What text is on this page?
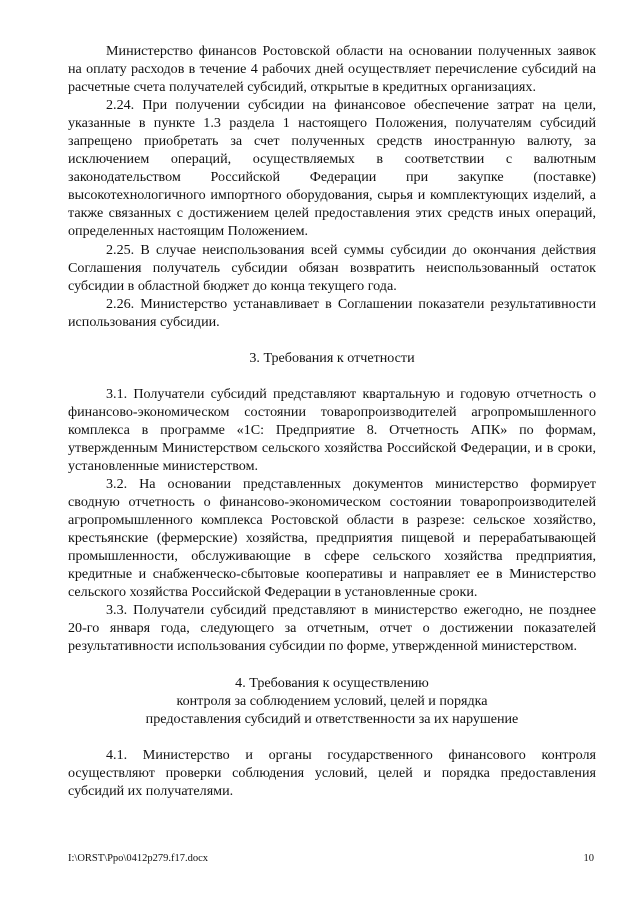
Министерство финансов Ростовской области на основании полученных заявок на оплату расходов в течение 4 рабочих дней осуществляет перечисление субсидий на расчетные счета получателей субсидий, открытые в кредитных организациях.

2.24. При получении субсидии на финансовое обеспечение затрат на цели, указанные в пункте 1.3 раздела 1 настоящего Положения, получателям субсидий запрещено приобретать за счет полученных средств иностранную валюту, за исключением операций, осуществляемых в соответствии с валютным законодательством Российской Федерации при закупке (поставке) высокотехнологичного импортного оборудования, сырья и комплектующих изделий, а также связанных с достижением целей предоставления этих средств иных операций, определенных настоящим Положением.

2.25. В случае неиспользования всей суммы субсидии до окончания действия Соглашения получатель субсидии обязан возвратить неиспользованный остаток субсидии в областной бюджет до конца текущего года.

2.26. Министерство устанавливает в Соглашении показатели результативности использования субсидии.

3. Требования к отчетности

3.1. Получатели субсидий представляют квартальную и годовую отчетность о финансово-экономическом состоянии товаропроизводителей агропромышленного комплекса в программе «1С: Предприятие 8. Отчетность АПК» по формам, утвержденным Министерством сельского хозяйства Российской Федерации, и в сроки, установленные министерством.

3.2. На основании представленных документов министерство формирует сводную отчетность о финансово-экономическом состоянии товаропроизводителей агропромышленного комплекса Ростовской области в разрезе: сельское хозяйство, крестьянские (фермерские) хозяйства, предприятия пищевой и перерабатывающей промышленности, обслуживающие в сфере сельского хозяйства предприятия, кредитные и снабженческо-сбытовые кооперативы и направляет ее в Министерство сельского хозяйства Российской Федерации в установленные сроки.

3.3. Получатели субсидий представляют в министерство ежегодно, не позднее 20-го января года, следующего за отчетным, отчет о достижении показателей результативности использования субсидии по форме, утвержденной министерством.

4. Требования к осуществлению
контроля за соблюдением условий, целей и порядка
предоставления субсидий и ответственности за их нарушение

4.1. Министерство и органы государственного финансового контроля осуществляют проверки соблюдения условий, целей и порядка предоставления субсидий их получателями.

I:\ORST\Ppo\0412p279.f17.docx	10
